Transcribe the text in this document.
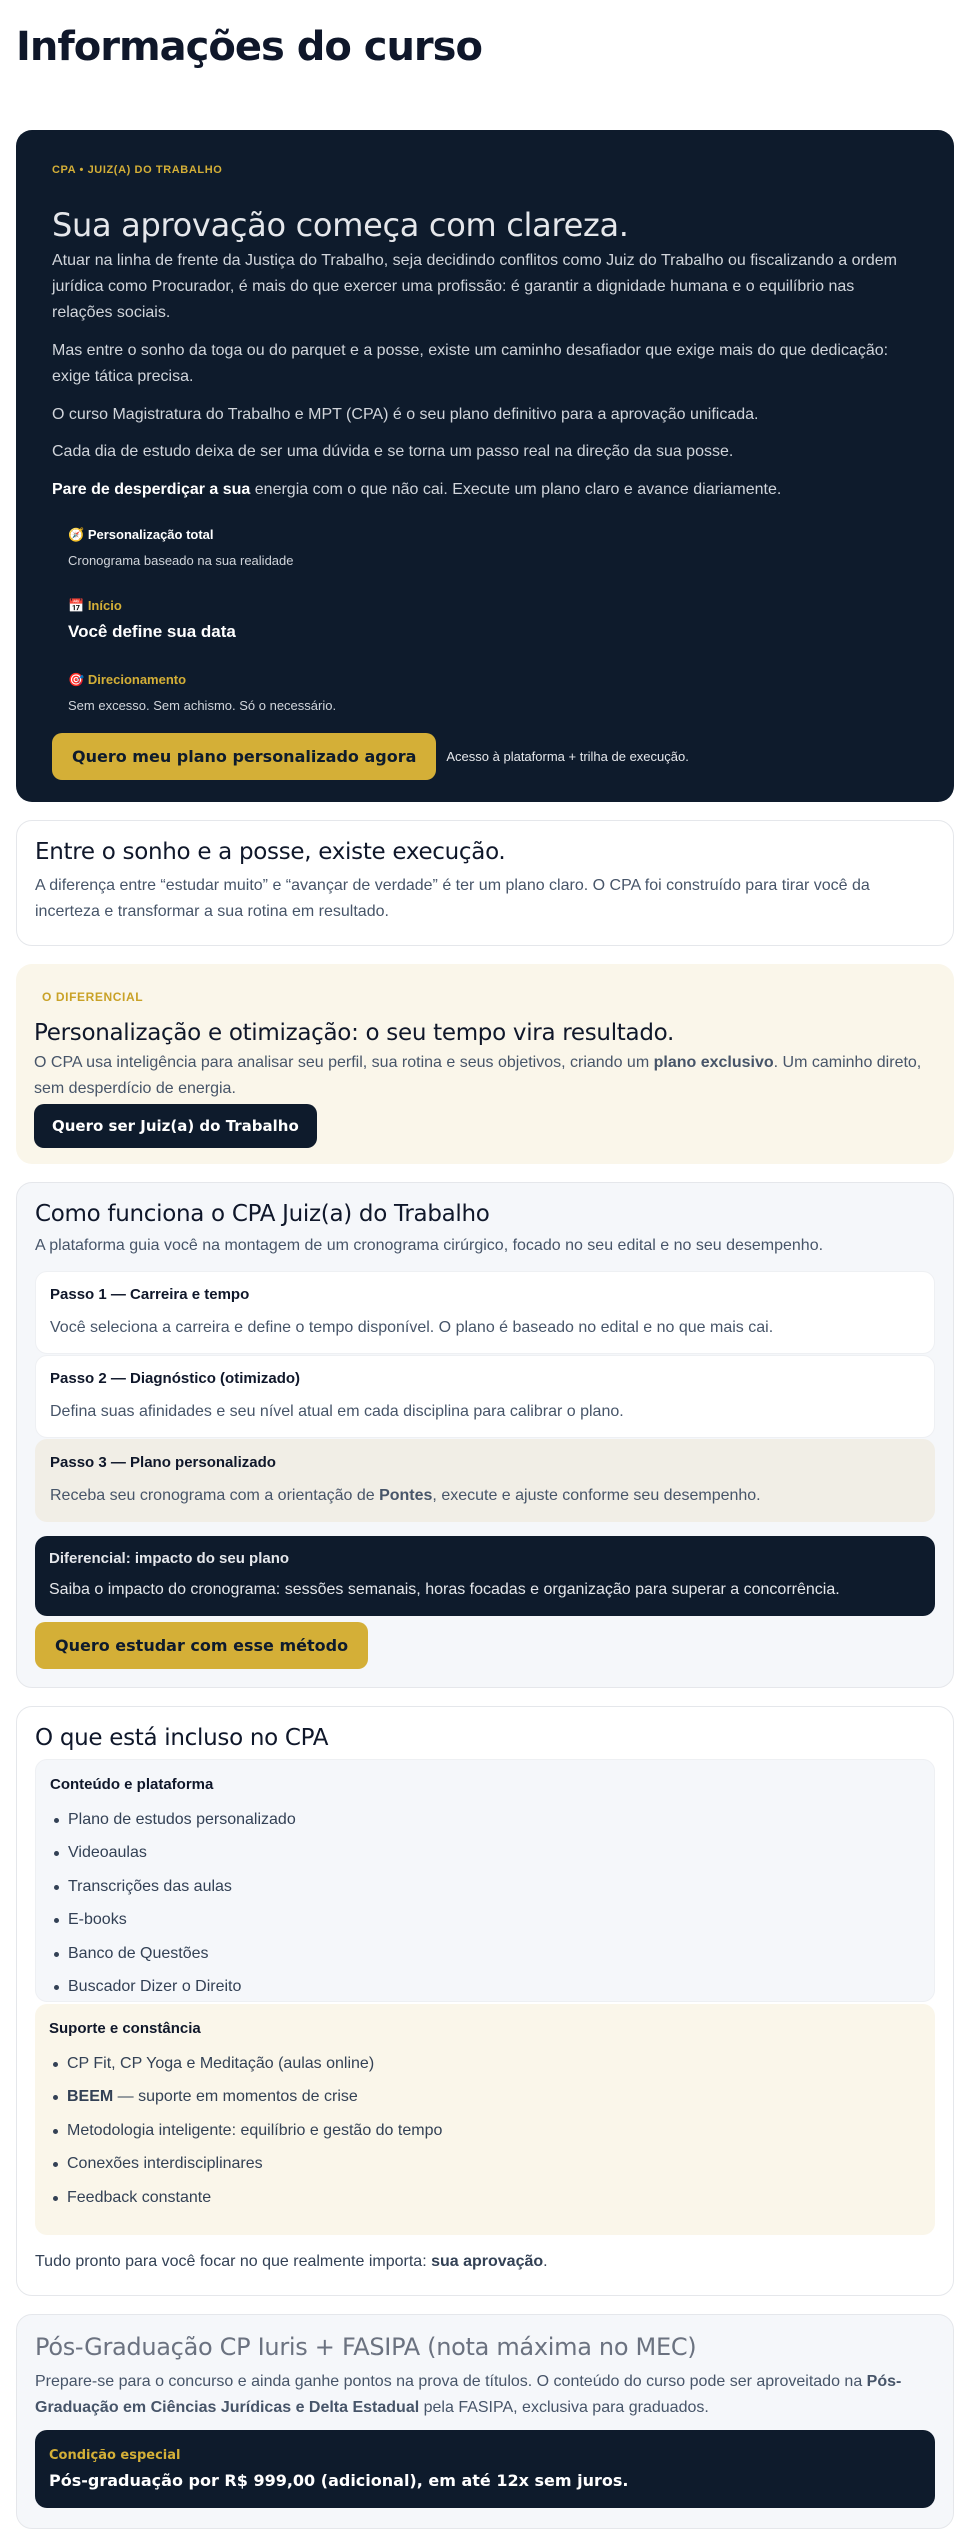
Informações do curso
CPA • JUIZ(A) DO TRABALHO
Sua aprovação começa com clareza.

Atuar na linha de frente da Justiça do Trabalho, seja decidindo conflitos como Juiz do Trabalho ou fiscalizando a ordem jurídica como Procurador, é mais do que exercer uma profissão: é garantir a dignidade humana e o equilíbrio nas relações sociais.

Mas entre o sonho da toga ou do parquet e a posse, existe um caminho desafiador que exige mais do que dedicação: exige tática precisa.

O curso Magistratura do Trabalho e MPT (CPA) é o seu plano definitivo para a aprovação unificada.

Cada dia de estudo deixa de ser uma dúvida e se torna um passo real na direção da sua posse.

Pare de desperdiçar a sua energia com o que não cai. Execute um plano claro e avance diariamente.

🧭 Personalização total
Cronograma baseado na sua realidade
📅 Início
Você define sua data
🎯 Direcionamento
Sem excesso. Sem achismo. Só o necessário.
Quero meu plano personalizado agora	Acesso à plataforma + trilha de execução.
Entre o sonho e a posse, existe execução.

A diferença entre “estudar muito” e “avançar de verdade” é ter um plano claro. O CPA foi construído para tirar você da incerteza e transformar a sua rotina em resultado.

O DIFERENCIAL
Personalização e otimização: o seu tempo vira resultado.

O CPA usa inteligência para analisar seu perfil, sua rotina e seus objetivos, criando um plano exclusivo. Um caminho direto, sem desperdício de energia.

Quero ser Juiz(a) do Trabalho
Como funciona o CPA Juiz(a) do Trabalho

A plataforma guia você na montagem de um cronograma cirúrgico, focado no seu edital e no seu desempenho.

Passo 1 — Carreira e tempo

Você seleciona a carreira e define o tempo disponível. O plano é baseado no edital e no que mais cai.

Passo 2 — Diagnóstico (otimizado)

Defina suas afinidades e seu nível atual em cada disciplina para calibrar o plano.

Passo 3 — Plano personalizado

Receba seu cronograma com a orientação de Pontes, execute e ajuste conforme seu desempenho.

Diferencial: impacto do seu plano

Saiba o impacto do cronograma: sessões semanais, horas focadas e organização para superar a concorrência.

Quero estudar com esse método
O que está incluso no CPA
Conteúdo e plataforma
Plano de estudos personalizado
Videoaulas
Transcrições das aulas
E-books
Banco de Questões
Buscador Dizer o Direito
Suporte e constância
CP Fit, CP Yoga e Meditação (aulas online)
BEEM — suporte em momentos de crise
Metodologia inteligente: equilíbrio e gestão do tempo
Conexões interdisciplinares
Feedback constante

Tudo pronto para você focar no que realmente importa: sua aprovação.

Pós-Graduação CP Iuris + FASIPA (nota máxima no MEC)

Prepare-se para o concurso e ainda ganhe pontos na prova de títulos. O conteúdo do curso pode ser aproveitado na Pós-Graduação em Ciências Jurídicas e Delta Estadual pela FASIPA, exclusiva para graduados.

Condição especial
Pós-graduação por R$ 999,00 (adicional), em até 12x sem juros.
